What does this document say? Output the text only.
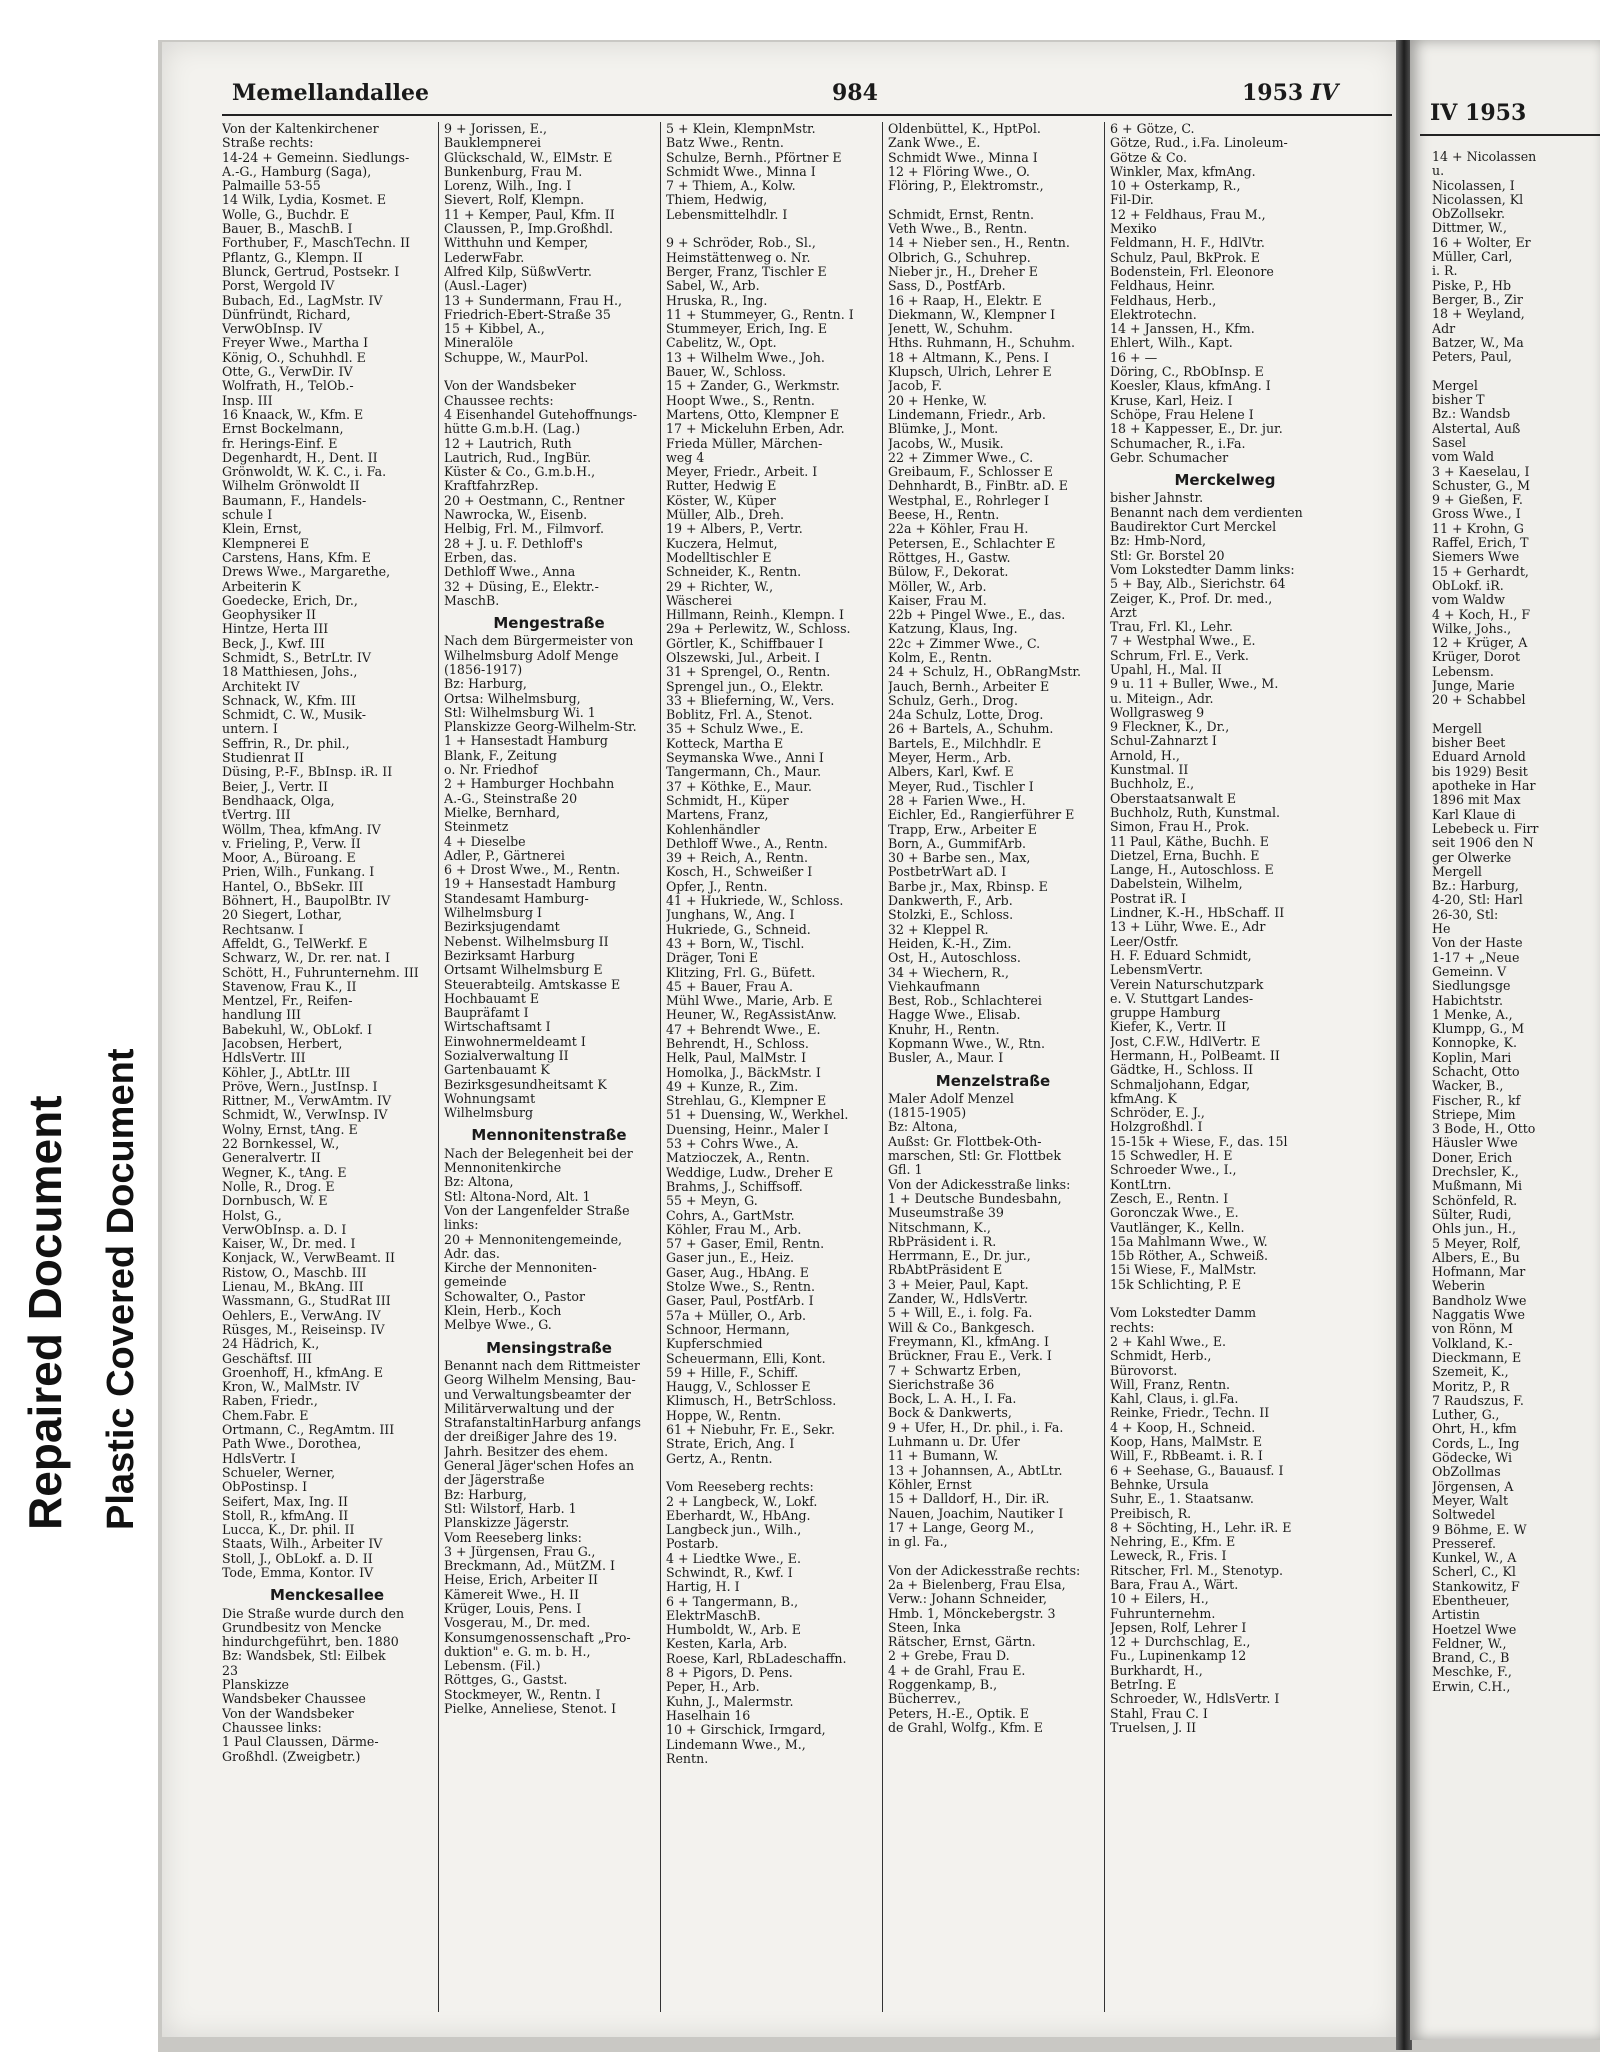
Repaired Document Plastic Covered Document
Memellandallee	984	1953 IV
Von der Kaltenkirchener
Straße rechts:
14-24 + Gemeinn. Siedlungs-
A.-G., Hamburg (Saga),
Palmaille 53-55
14 Wilk, Lydia, Kosmet. E
Wolle, G., Buchdr. E
Bauer, B., MaschB. I
Forthuber, F., MaschTechn. II
Pflantz, G., Klempn. II
Blunck, Gertrud, Postsekr. I
Porst, Wergold IV
Bubach, Ed., LagMstr. IV
Dünfründt, Richard,
VerwObInsp. IV
Freyer Wwe., Martha I
König, O., Schuhhdl. E
Otte, G., VerwDir. IV
Wolfrath, H., TelOb.-
Insp. III
16 Knaack, W., Kfm. E
Ernst Bockelmann,
fr. Herings-Einf. E
Degenhardt, H., Dent. II
Grönwoldt, W. K. C., i. Fa.
Wilhelm Grönwoldt II
Baumann, F., Handels-
schule I
Klein, Ernst,
Klempnerei E
Carstens, Hans, Kfm. E
Drews Wwe., Margarethe,
Arbeiterin K
Goedecke, Erich, Dr.,
Geophysiker II
Hintze, Herta III
Beck, J., Kwf. III
Schmidt, S., BetrLtr. IV
18 Matthiesen, Johs.,
Architekt IV
Schnack, W., Kfm. III
Schmidt, C. W., Musik-
untern. I
Seffrin, R., Dr. phil.,
Studienrat II
Düsing, P.-F., BbInsp. iR. II
Beier, J., Vertr. II
Bendhaack, Olga,
tVertrg. III
Wöllm, Thea, kfmAng. IV
v. Frieling, P., Verw. II
Moor, A., Büroang. E
Prien, Wilh., Funkang. I
Hantel, O., BbSekr. III
Böhnert, H., BaupolBtr. IV
20 Siegert, Lothar,
Rechtsanw. I
Affeldt, G., TelWerkf. E
Schwarz, W., Dr. rer. nat. I
Schött, H., Fuhrunternehm. III
Stavenow, Frau K., II
Mentzel, Fr., Reifen-
handlung III
Babekuhl, W., ObLokf. I
Jacobsen, Herbert,
HdlsVertr. III
Köhler, J., AbtLtr. III
Pröve, Wern., JustInsp. I
Rittner, M., VerwAmtm. IV
Schmidt, W., VerwInsp. IV
Wolny, Ernst, tAng. E
22 Bornkessel, W.,
Generalvertr. II
Wegner, K., tAng. E
Nolle, R., Drog. E
Dornbusch, W. E
Holst, G.,
VerwObInsp. a. D. I
Kaiser, W., Dr. med. I
Konjack, W., VerwBeamt. II
Ristow, O., Maschb. III
Lienau, M., BkAng. III
Wassmann, G., StudRat III
Oehlers, E., VerwAng. IV
Rüsges, M., Reiseinsp. IV
24 Hädrich, K.,
Geschäftsf. III
Groenhoff, H., kfmAng. E
Kron, W., MalMstr. IV
Raben, Friedr.,
Chem.Fabr. E
Ortmann, C., RegAmtm. III
Path Wwe., Dorothea,
HdlsVertr. I
Schueler, Werner,
ObPostinsp. I
Seifert, Max, Ing. II
Stoll, R., kfmAng. II
Lucca, K., Dr. phil. II
Staats, Wilh., Arbeiter IV
Stoll, J., ObLokf. a. D. II
Tode, Emma, Kontor. IV
Menckesallee
Die Straße wurde durch den
Grundbesitz von Mencke
hindurchgeführt, ben. 1880
Bz: Wandsbek, Stl: Eilbek
23
Planskizze
Wandsbeker Chaussee
Von der Wandsbeker
Chaussee links:
1 Paul Claussen, Därme-
Großhdl. (Zweigbetr.)
9 + Jorissen, E.,
Bauklempnerei
Glückschald, W., ElMstr. E
Bunkenburg, Frau M.
Lorenz, Wilh., Ing. I
Sievert, Rolf, Klempn.
11 + Kemper, Paul, Kfm. II
Claussen, P., Imp.Großhdl.
Witthuhn und Kemper,
LederwFabr.
Alfred Kilp, SüßwVertr.
(Ausl.-Lager)
13 + Sundermann, Frau H.,
Friedrich-Ebert-Straße 35
15 + Kibbel, A.,
Mineralöle
Schuppe, W., MaurPol.

Von der Wandsbeker
Chaussee rechts:
4 Eisenhandel Gutehoffnungs-
hütte G.m.b.H. (Lag.)
12 + Lautrich, Ruth
Lautrich, Rud., IngBür.
Küster & Co., G.m.b.H.,
KraftfahrzRep.
20 + Oestmann, C., Rentner
Nawrocka, W., Eisenb.
Helbig, Frl. M., Filmvorf.
28 + J. u. F. Dethloff's
Erben, das.
Dethloff Wwe., Anna
32 + Düsing, E., Elektr.-
MaschB.
Mengestraße
Nach dem Bürgermeister von
Wilhelmsburg Adolf Menge
(1856-1917)
Bz: Harburg,
Ortsa: Wilhelmsburg,
Stl: Wilhelmsburg Wi. 1
Planskizze Georg-Wilhelm-Str.
1 + Hansestadt Hamburg
Blank, F., Zeitung
o. Nr. Friedhof
2 + Hamburger Hochbahn
A.-G., Steinstraße 20
Mielke, Bernhard,
Steinmetz
4 + Dieselbe
Adler, P., Gärtnerei
6 + Drost Wwe., M., Rentn.
19 + Hansestadt Hamburg
Standesamt Hamburg-
Wilhelmsburg I
Bezirksjugendamt
Nebenst. Wilhelmsburg II
Bezirksamt Harburg
Ortsamt Wilhelmsburg E
Steuerabteilg. Amtskasse E
Hochbauamt E
Baupräfamt I
Wirtschaftsamt I
Einwohnermeldeamt I
Sozialverwaltung II
Gartenbauamt K
Bezirksgesundheitsamt K
Wohnungsamt
Wilhelmsburg
Mennonitenstraße
Nach der Belegenheit bei der
Mennonitenkirche
Bz: Altona,
Stl: Altona-Nord, Alt. 1
Von der Langenfelder Straße
links:
20 + Mennonitengemeinde,
Adr. das.
Kirche der Mennoniten-
gemeinde
Schowalter, O., Pastor
Klein, Herb., Koch
Melbye Wwe., G.
Mensingstraße
Benannt nach dem Rittmeister
Georg Wilhelm Mensing, Bau-
und Verwaltungsbeamter der
Militärverwaltung und der
StrafanstaltinHarburg anfangs
der dreißiger Jahre des 19.
Jahrh. Besitzer des ehem.
General Jäger'schen Hofes an
der Jägerstraße
Bz: Harburg,
Stl: Wilstorf, Harb. 1
Planskizze Jägerstr.
Vom Reeseberg links:
3 + Jürgensen, Frau G.,
Breckmann, Ad., MütZM. I
Heise, Erich, Arbeiter II
Kämereit Wwe., H. II
Krüger, Louis, Pens. I
Vosgerau, M., Dr. med.
Konsumgenossenschaft „Pro-
duktion" e. G. m. b. H.,
Lebensm. (Fil.)
Röttges, G., Gastst.
Stockmeyer, W., Rentn. I
Pielke, Anneliese, Stenot. I
5 + Klein, KlempnMstr.
Batz Wwe., Rentn.
Schulze, Bernh., Pförtner E
Schmidt Wwe., Minna I
7 + Thiem, A., Kolw.
Thiem, Hedwig,
Lebensmittelhdlr. I

9 + Schröder, Rob., Sl.,
Heimstättenweg o. Nr.
Berger, Franz, Tischler E
Sabel, W., Arb.
Hruska, R., Ing.
11 + Stummeyer, G., Rentn. I
Stummeyer, Erich, Ing. E
Cabelitz, W., Opt.
13 + Wilhelm Wwe., Joh.
Bauer, W., Schloss.
15 + Zander, G., Werkmstr.
Hoopt Wwe., S., Rentn.
Martens, Otto, Klempner E
17 + Mickeluhn Erben, Adr.
Frieda Müller, Märchen-
weg 4
Meyer, Friedr., Arbeit. I
Rutter, Hedwig E
Köster, W., Küper
Müller, Alb., Dreh.
19 + Albers, P., Vertr.
Kuczera, Helmut,
Modelltischler E
Schneider, K., Rentn.
29 + Richter, W.,
Wäscherei
Hillmann, Reinh., Klempn. I
29a + Perlewitz, W., Schloss.
Görtler, K., Schiffbauer I
Olszewski, Jul., Arbeit. I
31 + Sprengel, O., Rentn.
Sprengel jun., O., Elektr.
33 + Blieferning, W., Vers.
Boblitz, Frl. A., Stenot.
35 + Schulz Wwe., E.
Kotteck, Martha E
Seymanska Wwe., Anni I
Tangermann, Ch., Maur.
37 + Köthke, E., Maur.
Schmidt, H., Küper
Martens, Franz,
Kohlenhändler
Dethloff Wwe., A., Rentn.
39 + Reich, A., Rentn.
Kosch, H., Schweißer I
Opfer, J., Rentn.
41 + Hukriede, W., Schloss.
Junghans, W., Ang. I
Hukriede, G., Schneid.
43 + Born, W., Tischl.
Dräger, Toni E
Klitzing, Frl. G., Büfett.
45 + Bauer, Frau A.
Mühl Wwe., Marie, Arb. E
Heuner, W., RegAssistAnw.
47 + Behrendt Wwe., E.
Behrendt, H., Schloss.
Helk, Paul, MalMstr. I
Homolka, J., BäckMstr. I
49 + Kunze, R., Zim.
Strehlau, G., Klempner E
51 + Duensing, W., Werkhel.
Duensing, Heinr., Maler I
53 + Cohrs Wwe., A.
Matzioczek, A., Rentn.
Weddige, Ludw., Dreher E
Brahms, J., Schiffsoff.
55 + Meyn, G.
Cohrs, A., GartMstr.
Köhler, Frau M., Arb.
57 + Gaser, Emil, Rentn.
Gaser jun., E., Heiz.
Gaser, Aug., HbAng. E
Stolze Wwe., S., Rentn.
Gaser, Paul, PostfArb. I
57a + Müller, O., Arb.
Schnoor, Hermann,
Kupferschmied
Scheuermann, Elli, Kont.
59 + Hille, F., Schiff.
Haugg, V., Schlosser E
Klimusch, H., BetrSchloss.
Hoppe, W., Rentn.
61 + Niebuhr, Fr. E., Sekr.
Strate, Erich, Ang. I
Gertz, A., Rentn.

Vom Reeseberg rechts:
2 + Langbeck, W., Lokf.
Eberhardt, W., HbAng.
Langbeck jun., Wilh.,
Postarb.
4 + Liedtke Wwe., E.
Schwindt, R., Kwf. I
Hartig, H. I
6 + Tangermann, B.,
ElektrMaschB.
Humboldt, W., Arb. E
Kesten, Karla, Arb.
Roese, Karl, RbLadeschaffn.
8 + Pigors, D. Pens.
Peper, H., Arb.
Kuhn, J., Malermstr.
Haselhain 16
10 + Girschick, Irmgard,
Lindemann Wwe., M.,
Rentn.
Oldenbüttel, K., HptPol.
Zank Wwe., E.
Schmidt Wwe., Minna I
12 + Flöring Wwe., O.
Flöring, P., Elektromstr.,

Schmidt, Ernst, Rentn.
Veth Wwe., B., Rentn.
14 + Nieber sen., H., Rentn.
Olbrich, G., Schuhrep.
Nieber jr., H., Dreher E
Sass, D., PostfArb.
16 + Raap, H., Elektr. E
Diekmann, W., Klempner I
Jenett, W., Schuhm.
Hths. Ruhmann, H., Schuhm.
18 + Altmann, K., Pens. I
Klupsch, Ulrich, Lehrer E
Jacob, F.
20 + Henke, W.
Lindemann, Friedr., Arb.
Blümke, J., Mont.
Jacobs, W., Musik.
22 + Zimmer Wwe., C.
Greibaum, F., Schlosser E
Dehnhardt, B., FinBtr. aD. E
Westphal, E., Rohrleger I
Beese, H., Rentn.
22a + Köhler, Frau H.
Petersen, E., Schlachter E
Röttges, H., Gastw.
Bülow, F., Dekorat.
Möller, W., Arb.
Kaiser, Frau M.
22b + Pingel Wwe., E., das.
Katzung, Klaus, Ing.
22c + Zimmer Wwe., C.
Kolm, E., Rentn.
24 + Schulz, H., ObRangMstr.
Jauch, Bernh., Arbeiter E
Schulz, Gerh., Drog.
24a Schulz, Lotte, Drog.
26 + Bartels, A., Schuhm.
Bartels, E., Milchhdlr. E
Meyer, Herm., Arb.
Albers, Karl, Kwf. E
Meyer, Rud., Tischler I
28 + Farien Wwe., H.
Eichler, Ed., Rangierführer E
Trapp, Erw., Arbeiter E
Born, A., GummifArb.
30 + Barbe sen., Max,
PostbetrWart aD. I
Barbe jr., Max, Rbinsp. E
Dankwerth, F., Arb.
Stolzki, E., Schloss.
32 + Kleppel R.
Heiden, K.-H., Zim.
Ost, H., Autoschloss.
34 + Wiechern, R.,
Viehkaufmann
Best, Rob., Schlachterei
Hagge Wwe., Elisab.
Knuhr, H., Rentn.
Kopmann Wwe., W., Rtn.
Busler, A., Maur. I
Menzelstraße
Maler Adolf Menzel
(1815-1905)
Bz: Altona,
Außst: Gr. Flottbek-Oth-
marschen, Stl: Gr. Flottbek
Gfl. 1
Von der Adickesstraße links:
1 + Deutsche Bundesbahn,
Museumstraße 39
Nitschmann, K.,
RbPräsident i. R.
Herrmann, E., Dr. jur.,
RbAbtPräsident E
3 + Meier, Paul, Kapt.
Zander, W., HdlsVertr.
5 + Will, E., i. folg. Fa.
Will & Co., Bankgesch.
Freymann, Kl., kfmAng. I
Brückner, Frau E., Verk. I
7 + Schwartz Erben,
Sierichstraße 36
Bock, L. A. H., I. Fa.
Bock & Dankwerts,
9 + Ufer, H., Dr. phil., i. Fa.
Luhmann u. Dr. Ufer
11 + Bumann, W.
13 + Johannsen, A., AbtLtr.
Köhler, Ernst
15 + Dalldorf, H., Dir. iR.
Nauen, Joachim, Nautiker I
17 + Lange, Georg M.,
in gl. Fa.,

Von der Adickesstraße rechts:
2a + Bielenberg, Frau Elsa,
Verw.: Johann Schneider,
Hmb. 1, Mönckebergstr. 3
Steen, Inka
Rätscher, Ernst, Gärtn.
2 + Grebe, Frau D.
4 + de Grahl, Frau E.
Roggenkamp, B.,
Bücherrev.,
Peters, H.-E., Optik. E
de Grahl, Wolfg., Kfm. E
6 + Götze, C.
Götze, Rud., i.Fa. Linoleum-
Götze & Co.
Winkler, Max, kfmAng.
10 + Osterkamp, R.,
Fil-Dir.
12 + Feldhaus, Frau M.,
Mexiko
Feldmann, H. F., HdlVtr.
Schulz, Paul, BkProk. E
Bodenstein, Frl. Eleonore
Feldhaus, Heinr.
Feldhaus, Herb.,
Elektrotechn.
14 + Janssen, H., Kfm.
Ehlert, Wilh., Kapt.
16 + —
Döring, C., RbObInsp. E
Koesler, Klaus, kfmAng. I
Kruse, Karl, Heiz. I
Schöpe, Frau Helene I
18 + Kappesser, E., Dr. jur.
Schumacher, R., i.Fa.
Gebr. Schumacher
Merckelweg
bisher Jahnstr.
Benannt nach dem verdienten
Baudirektor Curt Merckel
Bz: Hmb-Nord,
Stl: Gr. Borstel 20
Vom Lokstedter Damm links:
5 + Bay, Alb., Sierichstr. 64
Zeiger, K., Prof. Dr. med.,
Arzt
Trau, Frl. Kl., Lehr.
7 + Westphal Wwe., E.
Schrum, Frl. E., Verk.
Upahl, H., Mal. II
9 u. 11 + Buller, Wwe., M.
u. Miteign., Adr.
Wollgrasweg 9
9 Fleckner, K., Dr.,
Schul-Zahnarzt I
Arnold, H.,
Kunstmal. II
Buchholz, E.,
Oberstaatsanwalt E
Buchholz, Ruth, Kunstmal.
Simon, Frau H., Prok.
11 Paul, Käthe, Buchh. E
Dietzel, Erna, Buchh. E
Lange, H., Autoschloss. E
Dabelstein, Wilhelm,
Postrat iR. I
Lindner, K.-H., HbSchaff. II
13 + Lühr, Wwe. E., Adr
Leer/Ostfr.
H. F. Eduard Schmidt,
LebensmVertr.
Verein Naturschutzpark
e. V. Stuttgart Landes-
gruppe Hamburg
Kiefer, K., Vertr. II
Jost, C.F.W., HdlVertr. E
Hermann, H., PolBeamt. II
Gädtke, H., Schloss. II
Schmaljohann, Edgar,
kfmAng. K
Schröder, E. J.,
Holzgroßhdl. I
15-15k + Wiese, F., das. 15l
15 Schwedler, H. E
Schroeder Wwe., I.,
KontLtrn.
Zesch, E., Rentn. I
Goronczak Wwe., E.
Vautlänger, K., Kelln.
15a Mahlmann Wwe., W.
15b Röther, A., Schweiß.
15i Wiese, F., MalMstr.
15k Schlichting, P. E

Vom Lokstedter Damm
rechts:
2 + Kahl Wwe., E.
Schmidt, Herb.,
Bürovorst.
Will, Franz, Rentn.
Kahl, Claus, i. gl.Fa.
Reinke, Friedr., Techn. II
4 + Koop, H., Schneid.
Koop, Hans, MalMstr. E
Will, F., RbBeamt. i. R. I
6 + Seehase, G., Bauausf. I
Behnke, Ursula
Suhr, E., 1. Staatsanw.
Preibisch, R.
8 + Söchting, H., Lehr. iR. E
Nehring, E., Kfm. E
Leweck, R., Fris. I
Ritscher, Frl. M., Stenotyp.
Bara, Frau A., Wärt.
10 + Eilers, H.,
Fuhrunternehm.
Jepsen, Rolf, Lehrer I
12 + Durchschlag, E.,
Fu., Lupinenkamp 12
Burkhardt, H.,
BetrIng. E
Schroeder, W., HdlsVertr. I
Stahl, Frau C. I
Truelsen, J. II
IV 1953
14 + Nicolassen
u.
Nicolassen, I
Nicolassen, Kl
ObZollsekr.
Dittmer, W.,
16 + Wolter, Er
Müller, Carl,
i. R.
Piske, P., Hb
Berger, B., Zir
18 + Weyland,
Adr
Batzer, W., Ma
Peters, Paul,

Mergel
bisher T
Bz.: Wandsb
Alstertal, Auß
Sasel
vom Wald
3 + Kaeselau, I
Schuster, G., M
9 + Gießen, F.
Gross Wwe., I
11 + Krohn, G
Raffel, Erich, T
Siemers Wwe
15 + Gerhardt,
ObLokf. iR.
vom Waldw
4 + Koch, H., F
Wilke, Johs.,
12 + Krüger, A
Krüger, Dorot
Lebensm.
Junge, Marie
20 + Schabbel

Mergell
bisher Beet
Eduard Arnold
bis 1929) Besit
apotheke in Har
1896 mit Max
Karl Klaue di
Lebebeck u. Firr
seit 1906 den N
ger Olwerke
Mergell
Bz.: Harburg,
4-20, Stl: Harl
26-30, Stl:
He
Von der Haste
1-17 + „Neue
Gemeinn. V
Siedlungsge
Habichtstr.
1 Menke, A.,
Klumpp, G., M
Konnopke, K.
Koplin, Mari
Schacht, Otto
Wacker, B.,
Fischer, R., kf
Striepe, Mim
3 Bode, H., Otto
Häusler Wwe
Doner, Erich
Drechsler, K.,
Mußmann, Mi
Schönfeld, R.
Sülter, Rudi,
Ohls jun., H.,
5 Meyer, Rolf,
Albers, E., Bu
Hofmann, Mar
Weberin
Bandholz Wwe
Naggatis Wwe
von Rönn, M
Volkland, K.-
Dieckmann, E
Szemeit, K.,
Moritz, P., R
7 Raudszus, F.
Luther, G.,
Ohrt, H., kfm
Cords, L., Ing
Gödecke, Wi
ObZollmas
Jörgensen, A
Meyer, Walt
Soltwedel
9 Böhme, E. W
Presseref.
Kunkel, W., A
Scherl, C., Kl
Stankowitz, F
Ebentheuer,
Artistin
Hoetzel Wwe
Feldner, W.,
Brand, C., B
Meschke, F.,
Erwin, C.H.,
